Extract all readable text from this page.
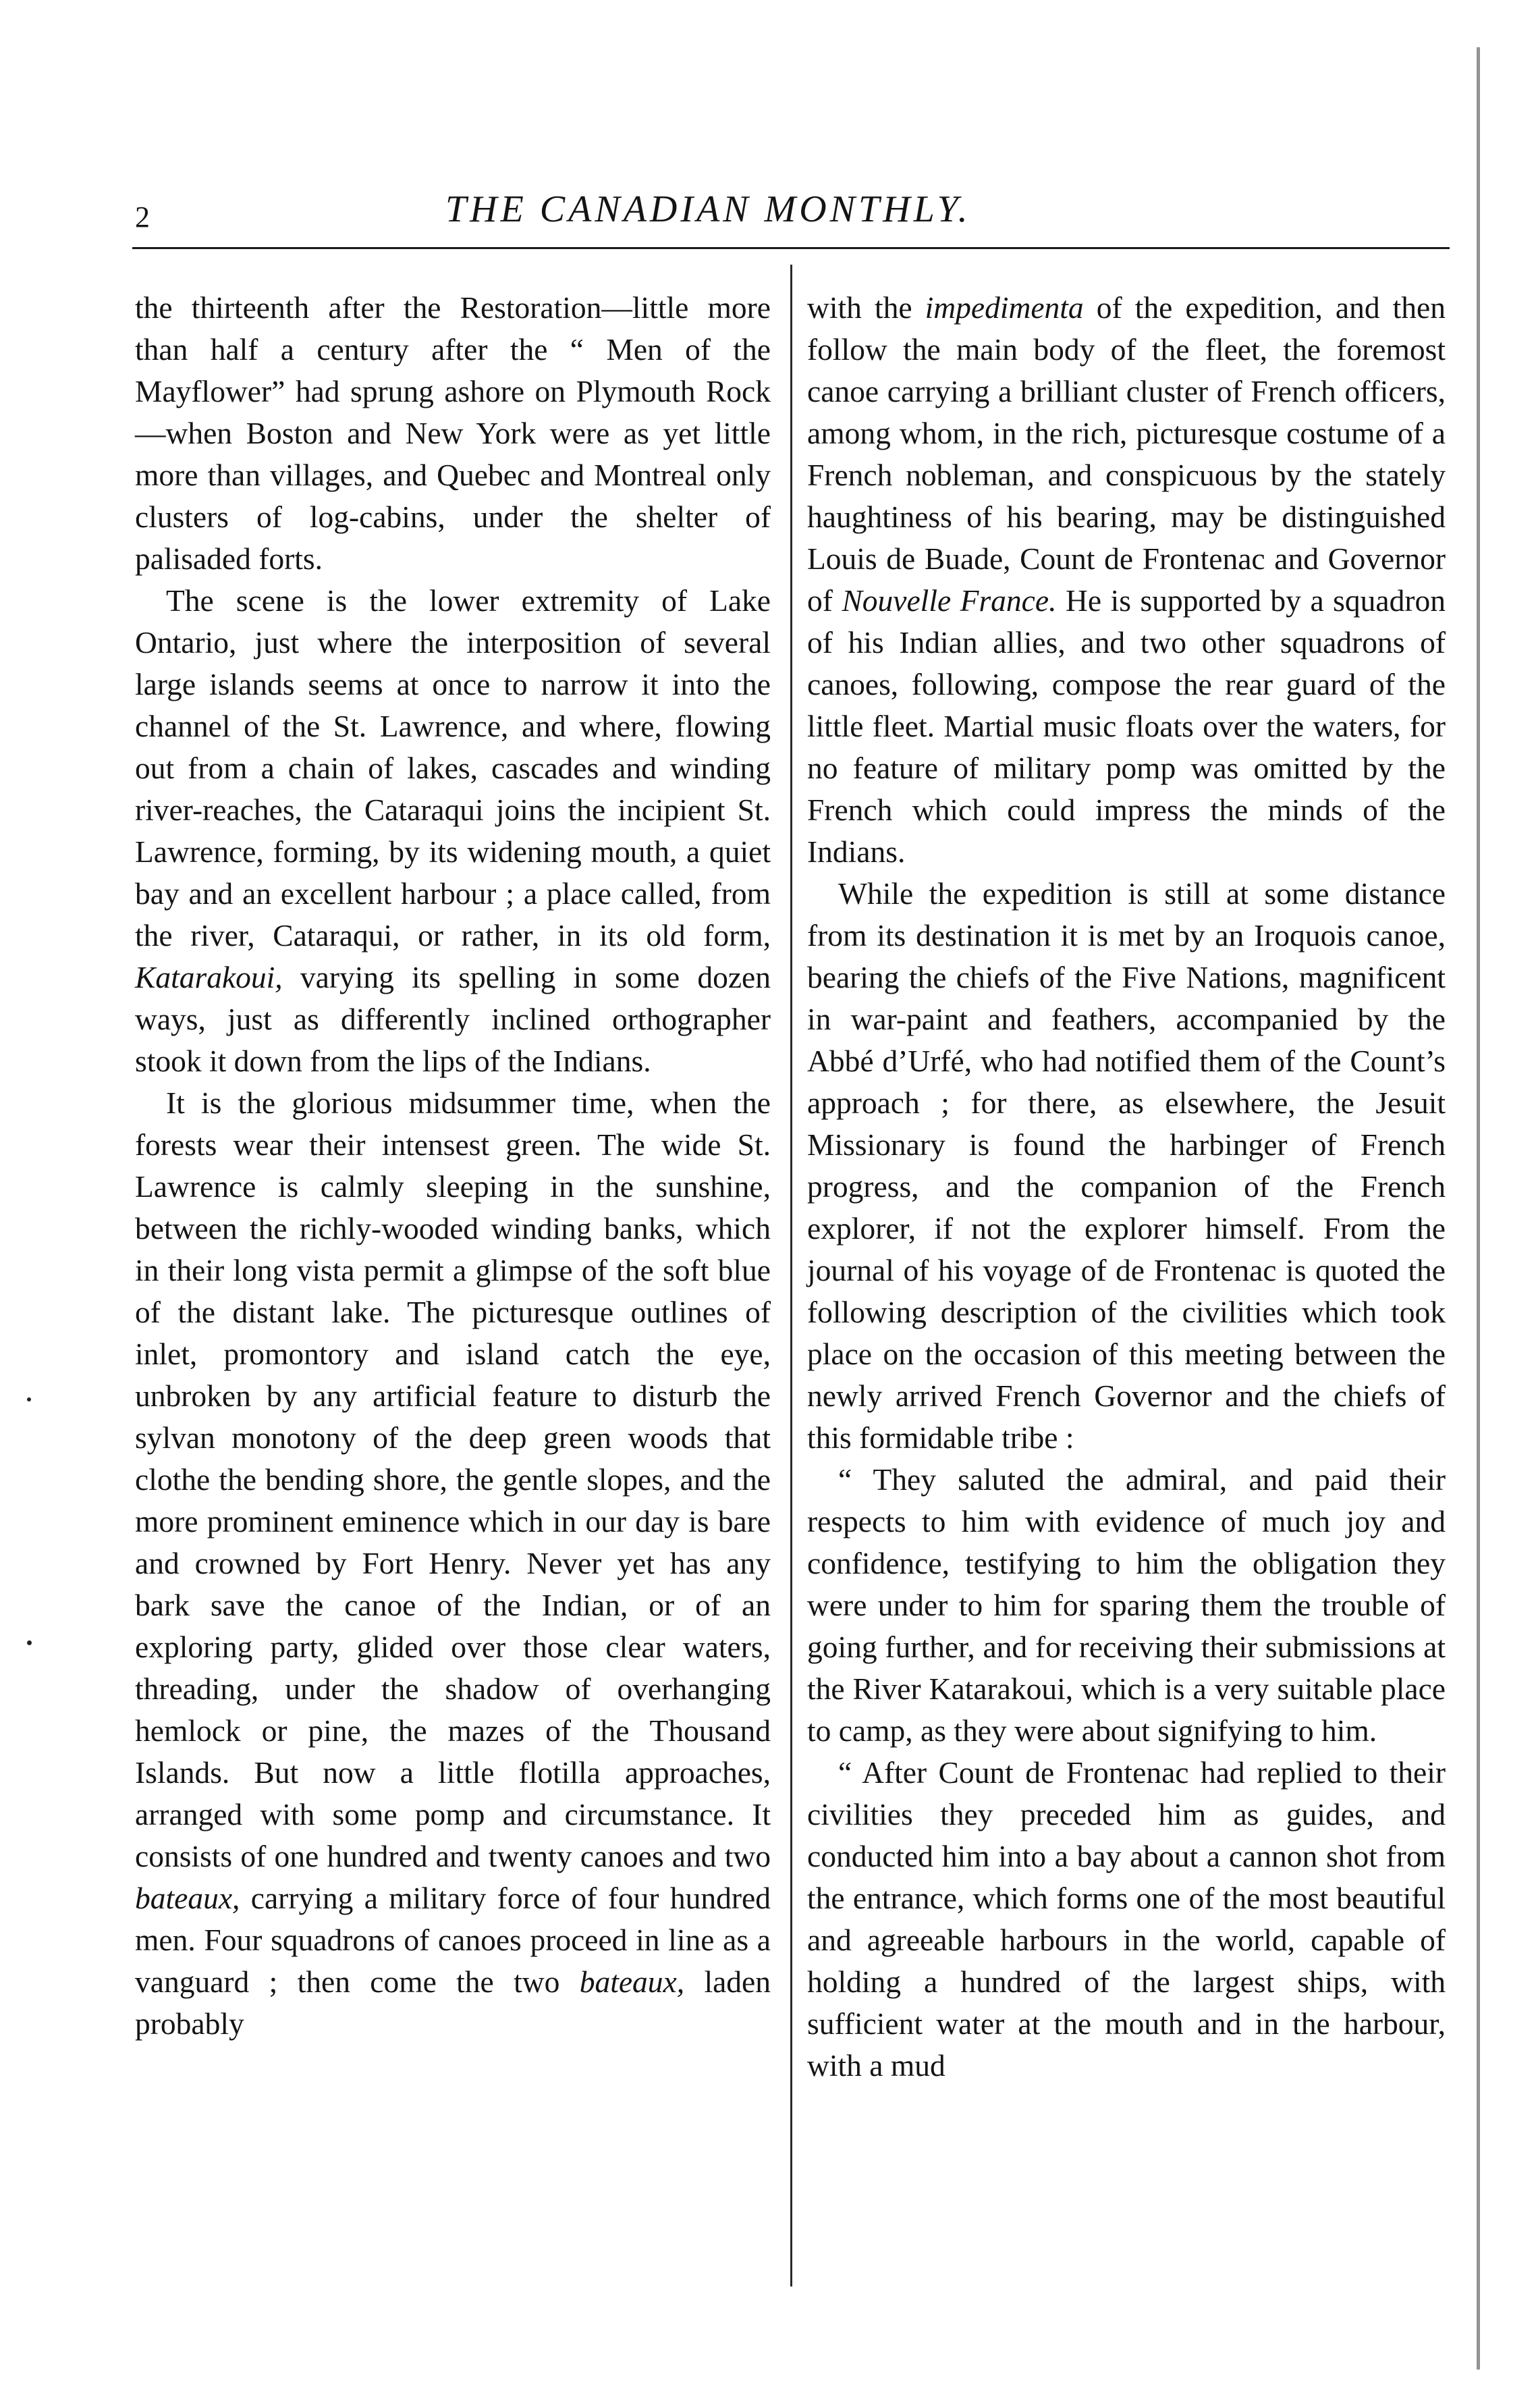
2	THE CANADIAN MONTHLY.

the thirteenth after the Restoration—little more than half a century after the “ Men of the Mayflower” had sprung ashore on Plymouth Rock—when Boston and New York were as yet little more than villages, and Quebec and Montreal only clusters of log-cabins, under the shelter of palisaded forts.

The scene is the lower extremity of Lake Ontario, just where the interposition of several large islands seems at once to narrow it into the channel of the St. Lawrence, and where, flowing out from a chain of lakes, cascades and winding river-reaches, the Cataraqui joins the incipient St. Lawrence, forming, by its widening mouth, a quiet bay and an excellent harbour ; a place called, from the river, Cataraqui, or rather, in its old form, Katarakoui, varying its spelling in some dozen ways, just as differently inclined orthographer stook it down from the lips of the Indians.

It is the glorious midsummer time, when the forests wear their intensest green. The wide St. Lawrence is calmly sleeping in the sunshine, between the richly-wooded winding banks, which in their long vista permit a glimpse of the soft blue of the distant lake. The picturesque outlines of inlet, promontory and island catch the eye, unbroken by any artificial feature to disturb the sylvan monotony of the deep green woods that clothe the bending shore, the gentle slopes, and the more prominent eminence which in our day is bare and crowned by Fort Henry. Never yet has any bark save the canoe of the Indian, or of an exploring party, glided over those clear waters, threading, under the shadow of overhanging hemlock or pine, the mazes of the Thousand Islands. But now a little flotilla approaches, arranged with some pomp and circumstance. It consists of one hundred and twenty canoes and two bateaux, carrying a military force of four hundred men. Four squadrons of canoes proceed in line as a vanguard ; then come the two bateaux, laden probably

with the impedimenta of the expedition, and then follow the main body of the fleet, the foremost canoe carrying a brilliant cluster of French officers, among whom, in the rich, picturesque costume of a French nobleman, and conspicuous by the stately haughtiness of his bearing, may be distinguished Louis de Buade, Count de Frontenac and Governor of Nouvelle France. He is supported by a squadron of his Indian allies, and two other squadrons of canoes, following, compose the rear guard of the little fleet. Martial music floats over the waters, for no feature of military pomp was omitted by the French which could impress the minds of the Indians.

While the expedition is still at some distance from its destination it is met by an Iroquois canoe, bearing the chiefs of the Five Nations, magnificent in war-paint and feathers, accompanied by the Abbé d’Urfé, who had notified them of the Count’s approach ; for there, as elsewhere, the Jesuit Missionary is found the harbinger of French progress, and the companion of the French explorer, if not the explorer himself. From the journal of his voyage of de Frontenac is quoted the following description of the civilities which took place on the occasion of this meeting between the newly arrived French Governor and the chiefs of this formidable tribe :

“ They saluted the admiral, and paid their respects to him with evidence of much joy and confidence, testifying to him the obligation they were under to him for sparing them the trouble of going further, and for receiving their submissions at the River Katarakoui, which is a very suitable place to camp, as they were about signifying to him.

“ After Count de Frontenac had replied to their civilities they preceded him as guides, and conducted him into a bay about a cannon shot from the entrance, which forms one of the most beautiful and agreeable harbours in the world, capable of holding a hundred of the largest ships, with sufficient water at the mouth and in the harbour, with a mud
